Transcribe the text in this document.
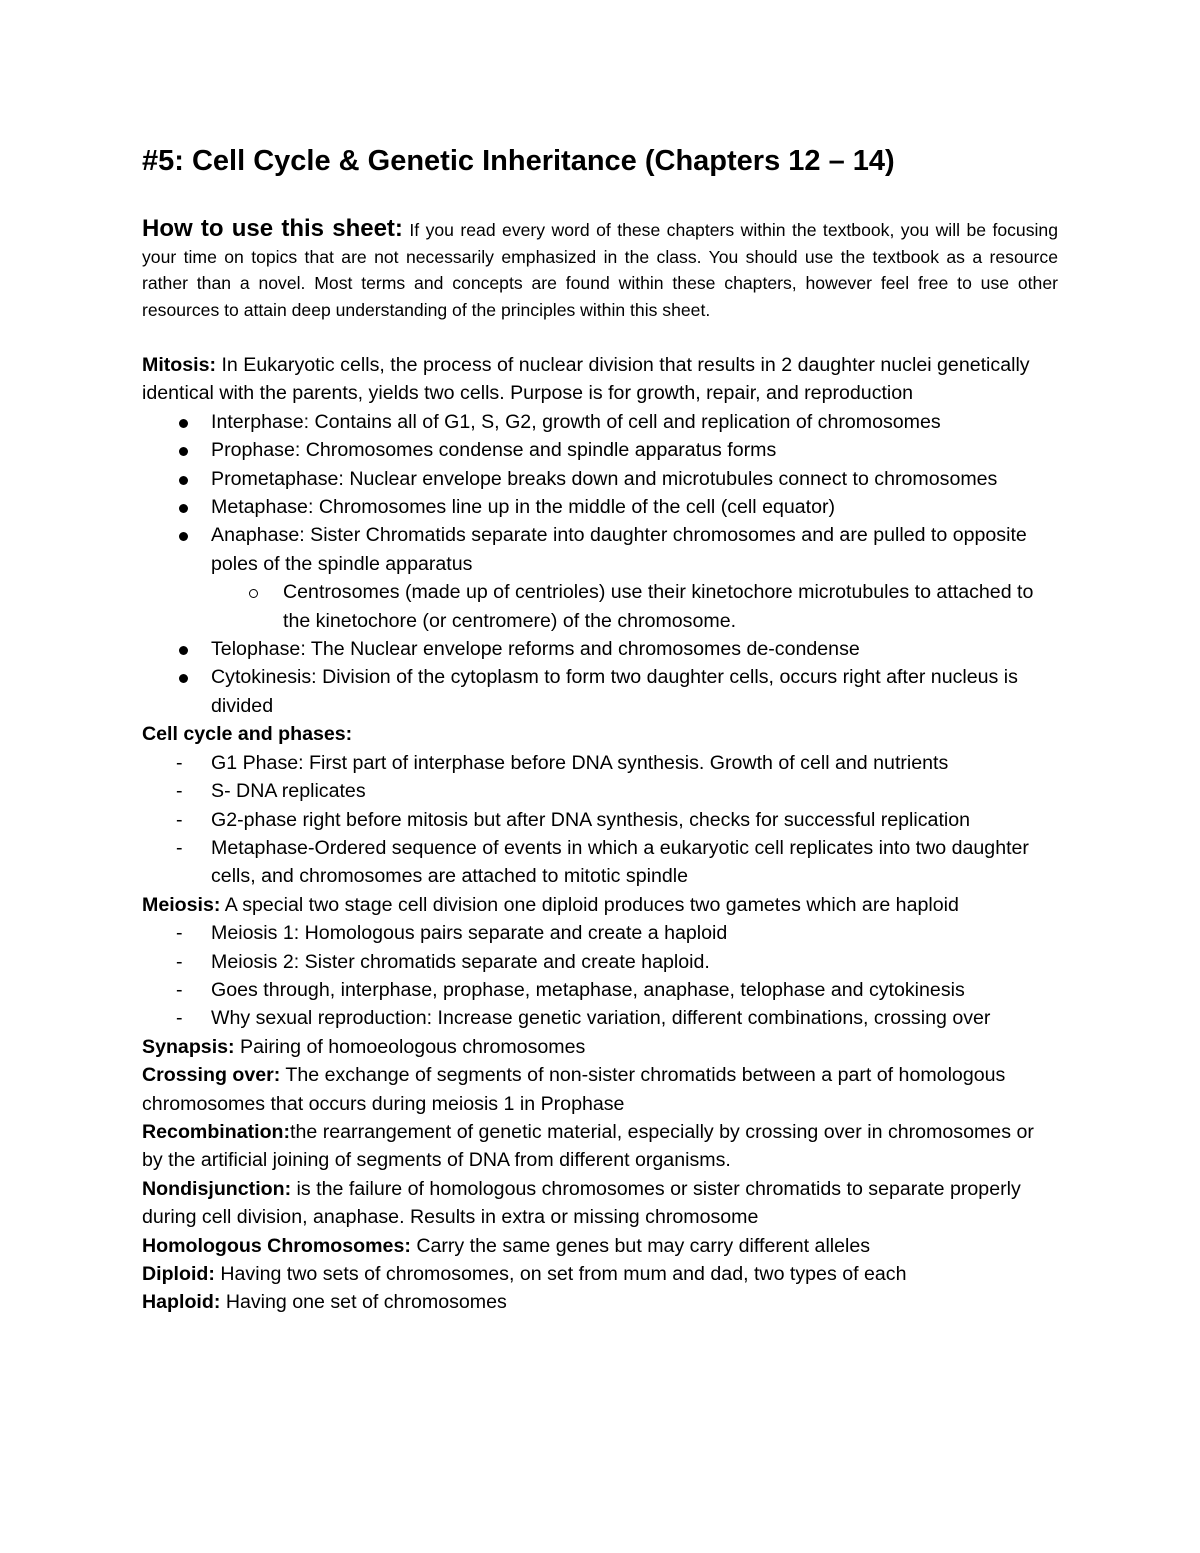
#5: Cell Cycle & Genetic Inheritance (Chapters 12 – 14)

How to use this sheet: If you read every word of these chapters within the textbook, you will be focusing your time on topics that are not necessarily emphasized in the class. You should use the textbook as a resource rather than a novel. Most terms and concepts are found within these chapters, however feel free to use other resources to attain deep understanding of the principles within this sheet.

Mitosis: In Eukaryotic cells, the process of nuclear division that results in 2 daughter nuclei genetically identical with the parents, yields two cells. Purpose is for growth, repair, and reproduction

Interphase: Contains all of G1, S, G2, growth of cell and replication of chromosomes
Prophase: Chromosomes condense and spindle apparatus forms
Prometaphase: Nuclear envelope breaks down and microtubules connect to chromosomes
Metaphase: Chromosomes line up in the middle of the cell (cell equator)
Anaphase: Sister Chromatids separate into daughter chromosomes and are pulled to opposite poles of the spindle apparatus
Centrosomes (made up of centrioles) use their kinetochore microtubules to attached to the kinetochore (or centromere) of the chromosome.
Telophase: The Nuclear envelope reforms and chromosomes de-condense
Cytokinesis: Division of the cytoplasm to form two daughter cells, occurs right after nucleus is divided

Cell cycle and phases:

- G1 Phase: First part of interphase before DNA synthesis. Growth of cell and nutrients
- S- DNA replicates
- G2-phase right before mitosis but after DNA synthesis, checks for successful replication
- Metaphase-Ordered sequence of events in which a eukaryotic cell replicates into two daughter cells, and chromosomes are attached to mitotic spindle

Meiosis: A special two stage cell division one diploid produces two gametes which are haploid

- Meiosis 1: Homologous pairs separate and create a haploid
- Meiosis 2: Sister chromatids separate and create haploid.
- Goes through, interphase, prophase, metaphase, anaphase, telophase and cytokinesis
- Why sexual reproduction: Increase genetic variation, different combinations, crossing over

Synapsis: Pairing of homoeologous chromosomes

Crossing over: The exchange of segments of non-sister chromatids between a part of homologous chromosomes that occurs during meiosis 1 in Prophase

Recombination:the rearrangement of genetic material, especially by crossing over in chromosomes or by the artificial joining of segments of DNA from different organisms.

Nondisjunction: is the failure of homologous chromosomes or sister chromatids to separate properly during cell division, anaphase. Results in extra or missing chromosome

Homologous Chromosomes: Carry the same genes but may carry different alleles

Diploid: Having two sets of chromosomes, on set from mum and dad, two types of each

Haploid: Having one set of chromosomes
